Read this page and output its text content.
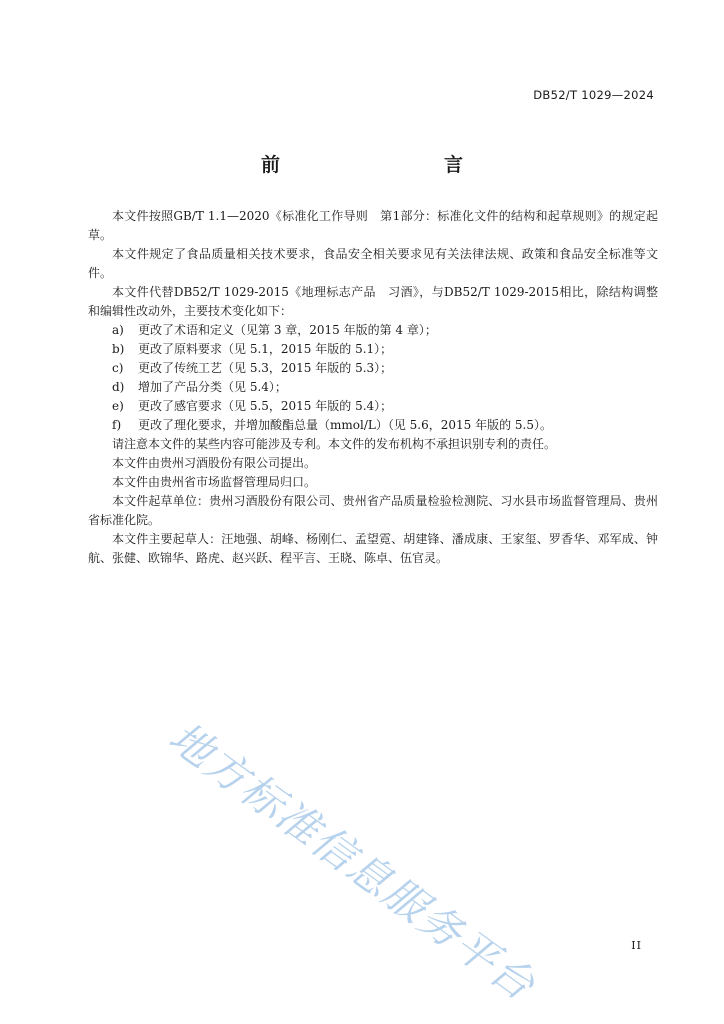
DB52/T 1029—2024
前　　言

本文件按照GB/T 1.1—2020《标准化工作导则　第1部分：标准化文件的结构和起草规则》的规定起草。

本文件规定了食品质量相关技术要求，食品安全相关要求见有关法律法规、政策和食品安全标准等文件。

本文件代替DB52/T 1029-2015《地理标志产品　习酒》，与DB52/T 1029-2015相比，除结构调整和编辑性改动外，主要技术变化如下：

a)	更改了术语和定义（见第 3 章，2015 年版的第 4 章）；
b)	更改了原料要求（见 5.1，2015 年版的 5.1）；
c)	更改了传统工艺（见 5.3，2015 年版的 5.3）；
d)	增加了产品分类（见 5.4）；
e)	更改了感官要求（见 5.5，2015 年版的 5.4）；
f)	更改了理化要求，并增加酸酯总量（mmol/L）（见 5.6，2015 年版的 5.5）。

请注意本文件的某些内容可能涉及专利。本文件的发布机构不承担识别专利的责任。

本文件由贵州习酒股份有限公司提出。

本文件由贵州省市场监督管理局归口。

本文件起草单位：贵州习酒股份有限公司、贵州省产品质量检验检测院、习水县市场监督管理局、贵州省标准化院。

本文件主要起草人：汪地强、胡峰、杨刚仁、孟望霓、胡建锋、潘成康、王家玺、罗香华、邓军成、钟航、张健、欧锦华、路虎、赵兴跃、程平言、王晓、陈卓、伍官灵。

地方标准信息服务平台	II
